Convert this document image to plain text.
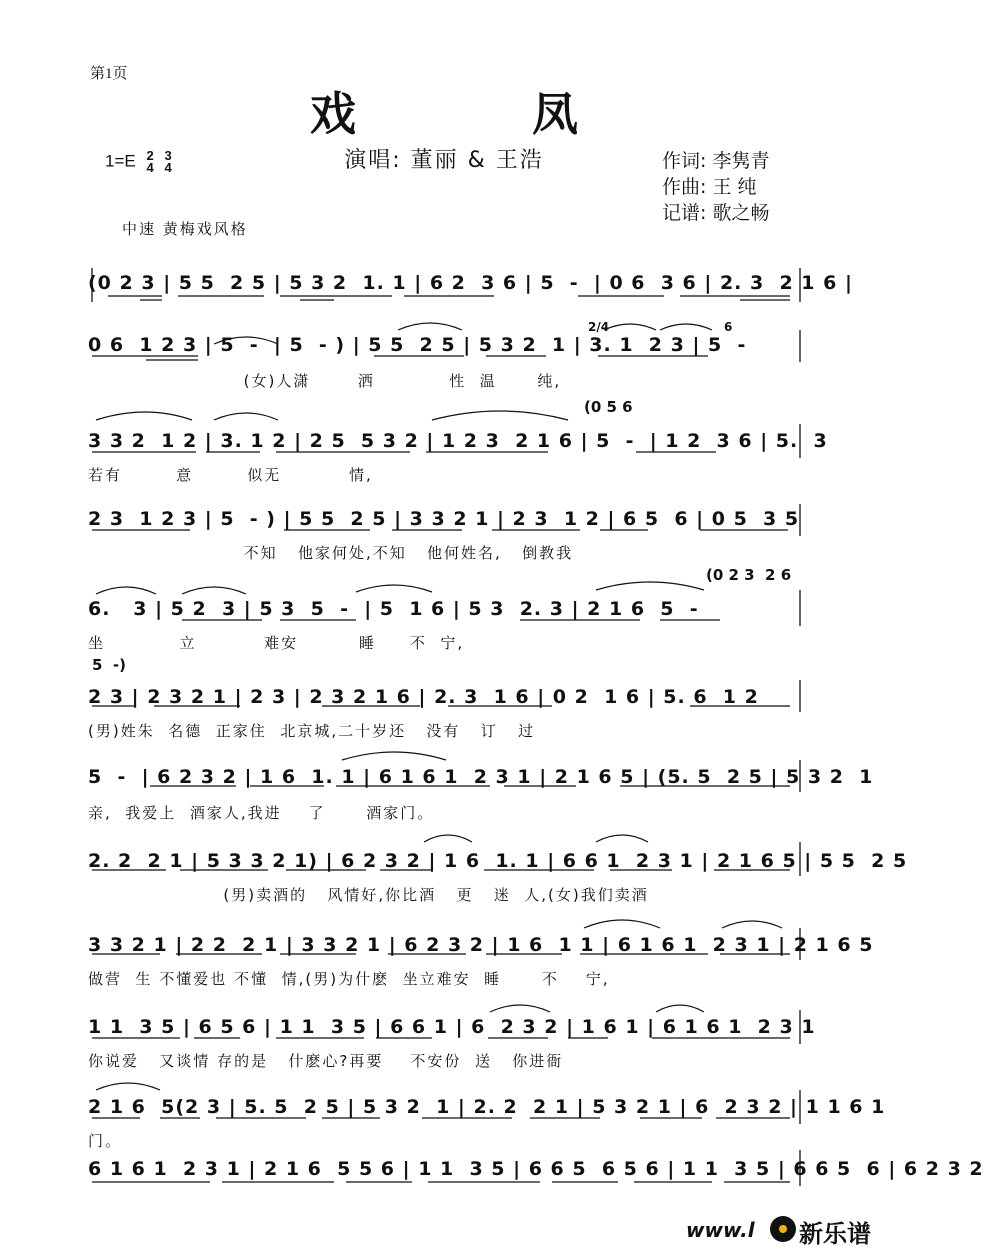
第1页
戏 凤
演唱: 董丽 & 王浩
1=E 2
4

3
4	作词: 李隽青
作曲: 王 纯
记谱: 歌之畅
中速 黄梅戏风格
(0 2 3 | 5 5  2 5 | 5 3 2  1. 1 | 6 2  3 6 | 5  -  | 0 6  3 6 | 2. 3  2 1 6 |
0 6  1 2 3 | 5  -  | 5  - ) | 5 5  2 5 | 5 3 2  1 | 3. 1  2 3 | 5  -
(女)人潇       洒           性  温      纯,
(0 5 6
3 3 2  1 2 | 3. 1 2 | 2 5  5 3 2 | 1 2 3  2 1 6 | 5  -  | 1 2  3 6 | 5.  3
若有        意        似无          情,
2 3  1 2 3 | 5  - ) | 5 5  2 5 | 3 3 2 1 | 2 3  1 2 | 6 5  6 | 0 5  3 5
不知   他家何处,不知   他何姓名,   倒教我
(0 2 3  2 6
6.   3 | 5 2  3 | 5 3  5  -  | 5  1 6 | 5 3  2. 3 | 2 1 6  5  -
坐           立          难安         睡     不  宁,
5  -)
2 3 | 2 3 2 1 | 2 3 | 2 3 2 1 6 | 2. 3  1 6 | 0 2  1 6 | 5. 6  1 2
(男)姓朱  名德  正家住  北京城,二十岁还   没有   订   过
5  -  | 6 2 3 2 | 1 6  1. 1 | 6 1 6 1  2 3 1 | 2 1 6 5 | (5. 5  2 5 | 5 3 2  1
亲,  我爱上  酒家人,我进    了      酒家门。
2. 2  2 1 | 5 3 3 2 1) | 6 2 3 2 | 1 6  1. 1 | 6 6 1  2 3 1 | 2 1 6 5 | 5 5  2 5
(男)卖酒的   风情好,你比酒   更   迷  人,(女)我们卖酒
3 3 2 1 | 2 2  2 1 | 3 3 2 1 | 6 2 3 2 | 1 6  1 1 | 6 1 6 1  2 3 1 | 2 1 6 5
做营  生 不懂爱也 不懂  情,(男)为什麽  坐立难安  睡      不    宁,
1 1  3 5 | 6 5 6 | 1 1  3 5 | 6 6 1 | 6  2 3 2 | 1 6 1 | 6 1 6 1  2 3 1
你说爱   又谈情 存的是   什麽心?再要    不安份  送   你进衙
2 1 6  5(2 3 | 5. 5  2 5 | 5 3 2  1 | 2. 2  2 1 | 5 3 2 1 | 6  2 3 2 | 1 1 6 1
门。
6 1 6 1  2 3 1 | 2 1 6  5 5 6 | 1 1  3 5 | 6 6 5  6 5 6 | 1 1  3 5 | 6 6 5  6 | 6 2 3 2
2/4	6
www.l 新乐谱
